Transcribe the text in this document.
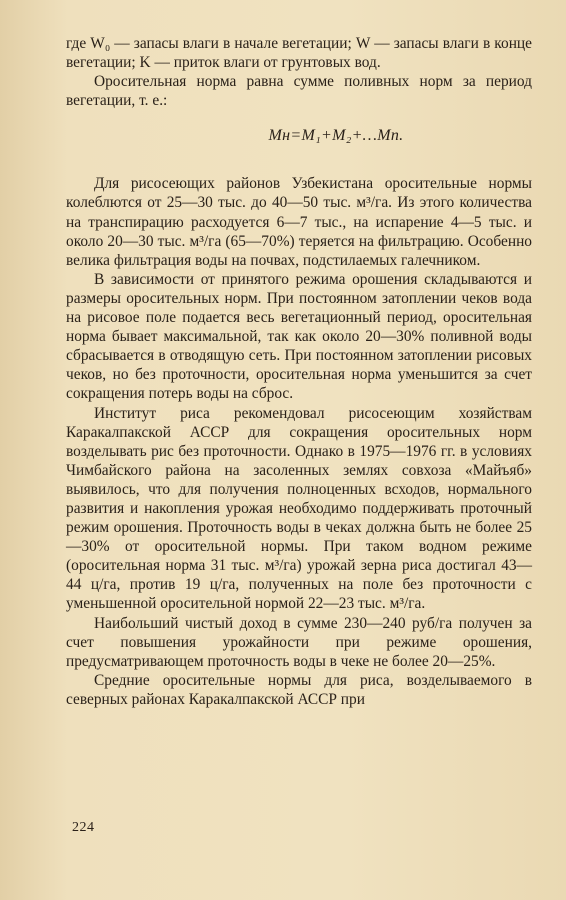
где W₀ — запасы влаги в начале вегетации; W — запасы влаги в конце вегетации; K — приток влаги от грунтовых вод.

Оросительная норма равна сумме поливных норм за период вегетации, т. е.:

Mн=M₁+M₂+…Mп.

Для рисосеющих районов Узбекистана оросительные нормы колеблются от 25—30 тыс. до 40—50 тыс. м³/га. Из этого количества на транспирацию расходуется 6—7 тыс., на испарение 4—5 тыс. и около 20—30 тыс. м³/га (65—70%) теряется на фильтрацию. Особенно велика фильтрация воды на почвах, подстилаемых галечником.

В зависимости от принятого режима орошения складываются и размеры оросительных норм. При постоянном затоплении чеков вода на рисовое поле подается весь вегетационный период, оросительная норма бывает максимальной, так как около 20—30% поливной воды сбрасывается в отводящую сеть. При постоянном затоплении рисовых чеков, но без проточности, оросительная норма уменьшится за счет сокращения потерь воды на сброс.

Институт риса рекомендовал рисосеющим хозяйствам Каракалпакской АССР для сокращения оросительных норм возделывать рис без проточности. Однако в 1975—1976 гг. в условиях Чимбайского района на засоленных землях совхоза «Майъяб» выявилось, что для получения полноценных всходов, нормального развития и накопления урожая необходимо поддерживать проточный режим орошения. Проточность воды в чеках должна быть не более 25—30% от оросительной нормы. При таком водном режиме (оросительная норма 31 тыс. м³/га) урожай зерна риса достигал 43—44 ц/га, против 19 ц/га, полученных на поле без проточности с уменьшенной оросительной нормой 22—23 тыс. м³/га.

Наибольший чистый доход в сумме 230—240 руб/га получен за счет повышения урожайности при режиме орошения, предусматривающем проточность воды в чеке не более 20—25%.

Средние оросительные нормы для риса, возделываемого в северных районах Каракалпакской АССР при

224
